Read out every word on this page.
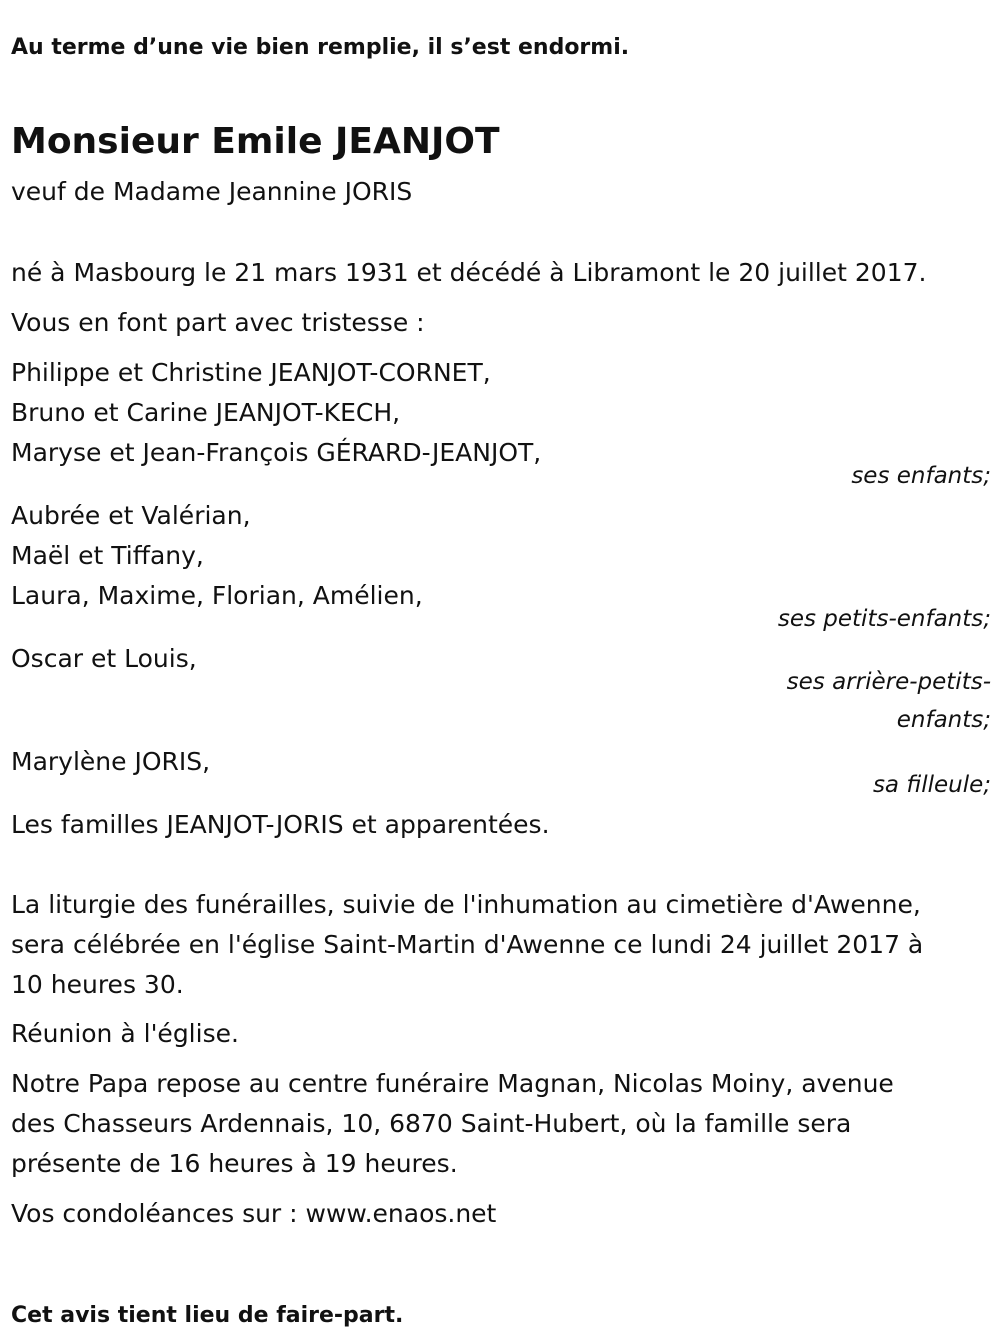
Au terme d’une vie bien remplie, il s’est endormi.

Monsieur Emile JEANJOT

veuf de Madame Jeannine JORIS

né à Masbourg le 21 mars 1931 et décédé à Libramont le 20 juillet 2017.

Vous en font part avec tristesse :

Philippe et Christine JEANJOT-CORNET,

Bruno et Carine JEANJOT-KECH,

Maryse et Jean-François GÉRARD-JEANJOT,

ses enfants;

Aubrée et Valérian,

Maël et Tiffany,

Laura, Maxime, Florian, Amélien,

ses petits-enfants;

Oscar et Louis,

ses arrière-petits-

enfants;

Marylène JORIS,

sa filleule;

Les familles JEANJOT-JORIS et apparentées.

La liturgie des funérailles, suivie de l'inhumation au cimetière d'Awenne,

sera célébrée en l'église Saint-Martin d'Awenne ce lundi 24 juillet 2017 à

10 heures 30.

Réunion à l'église.

Notre Papa repose au centre funéraire Magnan, Nicolas Moiny, avenue

des Chasseurs Ardennais, 10, 6870 Saint-Hubert, où la famille sera

présente de 16 heures à 19 heures.

Vos condoléances sur : www.enaos.net

Cet avis tient lieu de faire-part.
